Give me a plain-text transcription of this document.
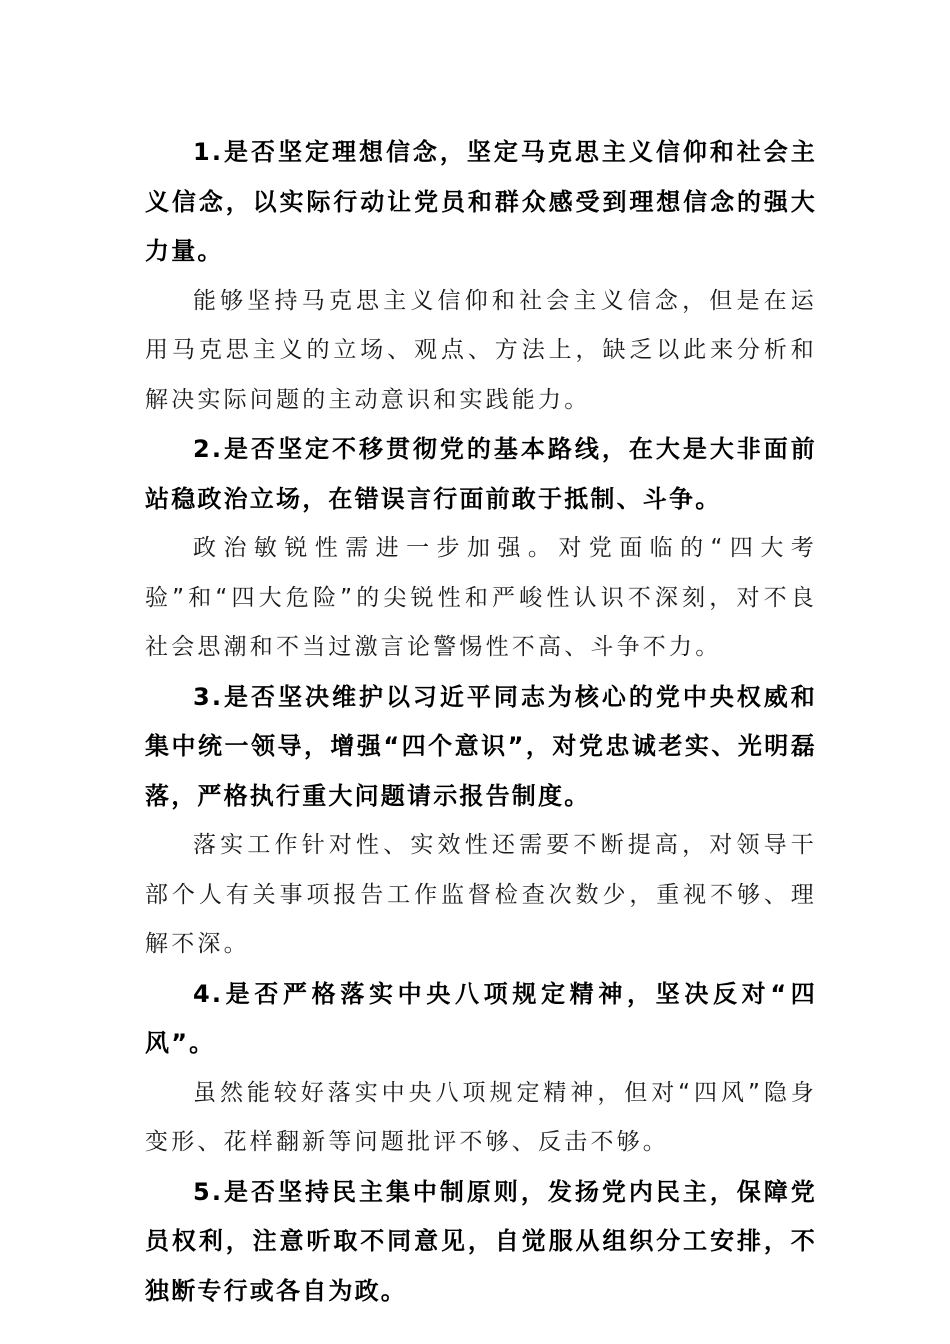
1.是否坚定理想信念，坚定马克思主义信仰和社会主义信念，以实际行动让党员和群众感受到理想信念的强大力量。

能够坚持马克思主义信仰和社会主义信念，但是在运用马克思主义的立场、观点、方法上，缺乏以此来分析和解决实际问题的主动意识和实践能力。

2.是否坚定不移贯彻党的基本路线，在大是大非面前站稳政治立场，在错误言行面前敢于抵制、斗争。

政治敏锐性需进一步加强。对党面临的“四大考验”和“四大危险”的尖锐性和严峻性认识不深刻，对不良社会思潮和不当过激言论警惕性不高、斗争不力。

3.是否坚决维护以习近平同志为核心的党中央权威和集中统一领导，增强“四个意识”，对党忠诚老实、光明磊落，严格执行重大问题请示报告制度。

落实工作针对性、实效性还需要不断提高，对领导干部个人有关事项报告工作监督检查次数少，重视不够、理解不深。

4.是否严格落实中央八项规定精神，坚决反对“四风”。

虽然能较好落实中央八项规定精神，但对“四风”隐身变形、花样翻新等问题批评不够、反击不够。

5.是否坚持民主集中制原则，发扬党内民主，保障党员权利，注意听取不同意见，自觉服从组织分工安排，不独断专行或各自为政。
